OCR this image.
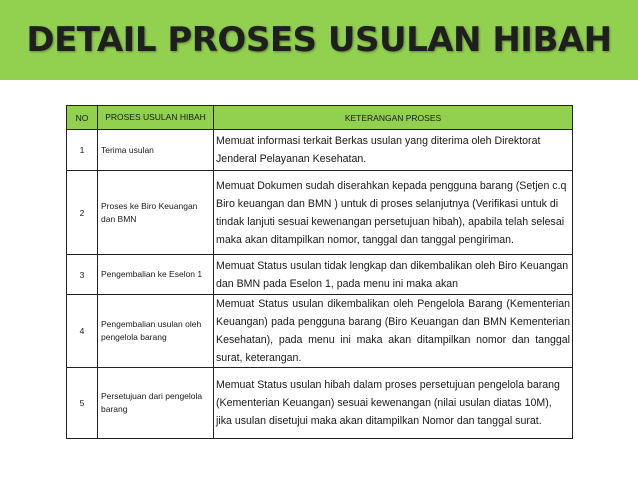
DETAIL PROSES USULAN HIBAH
NO	PROSES USULAN HIBAH	KETERANGAN PROSES
1	Terima usulan	Memuat informasi terkait Berkas usulan yang diterima oleh Direktorat Jenderal Pelayanan Kesehatan.

2	Proses ke Biro Keuangan dan BMN	Memuat Dokumen sudah diserahkan kepada pengguna barang (Setjen c.q Biro keuangan dan BMN ) untuk di proses selanjutnya (Verifikasi untuk di tindak lanjuti sesuai kewenangan persetujuan hibah), apabila telah selesai maka akan ditampilkan nomor, tanggal dan tanggal pengiriman.

3	Pengembalian ke Eselon 1	Memuat Status usulan tidak lengkap dan dikembalikan oleh Biro Keuangan dan BMN pada Eselon 1, pada menu ini maka akan

4	Pengembalian usulan oleh pengelola barang	Memuat Status usulan dikembalikan oleh Pengelola Barang (Kementerian Keuangan) pada pengguna barang (Biro Keuangan dan BMN Kementerian Kesehatan), pada menu ini maka akan ditampilkan nomor dan tanggal surat, keterangan.

5	Persetujuan dari pengelola barang	Memuat Status usulan hibah dalam proses persetujuan pengelola barang (Kementerian Keuangan) sesuai kewenangan (nilai usulan diatas 10M), jika usulan disetujui maka akan ditampilkan Nomor dan tanggal surat.
